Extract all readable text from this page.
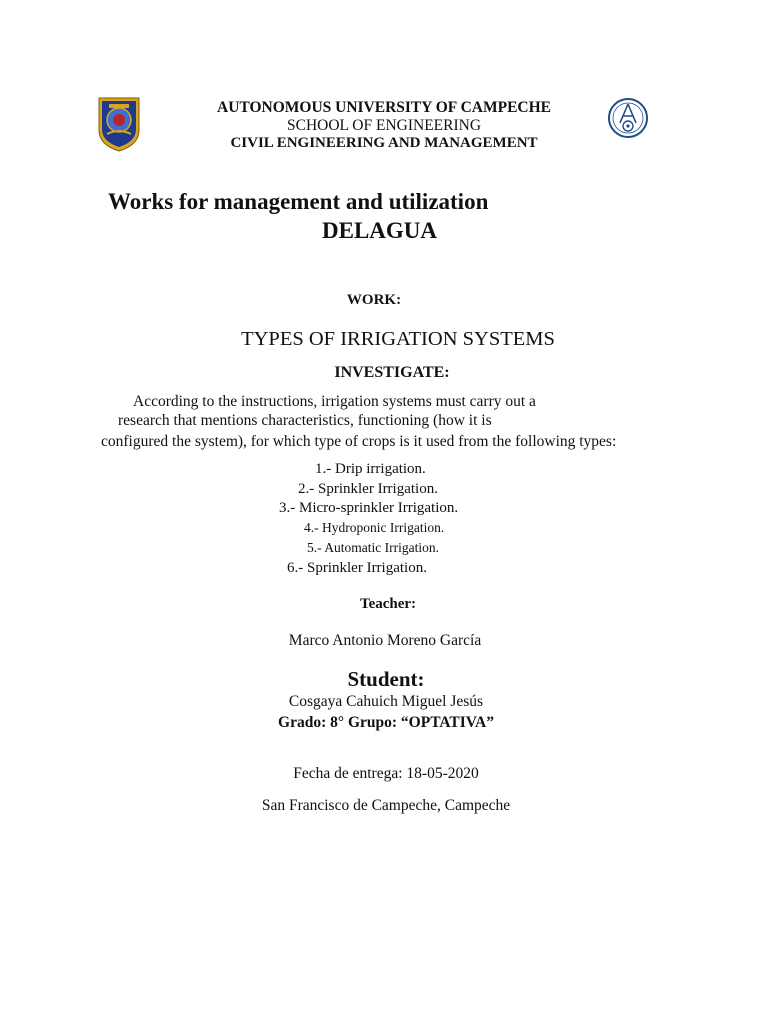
AUTONOMOUS UNIVERSITY OF CAMPECHE
SCHOOL OF ENGINEERING
CIVIL ENGINEERING AND MANAGEMENT
Works for management and utilization
DELAGUA
WORK:
TYPES OF IRRIGATION SYSTEMS
INVESTIGATE:
According to the instructions, irrigation systems must carry out a
research that mentions characteristics, functioning (how it is
configured the system), for which type of crops is it used from the following types:
1.- Drip irrigation.
2.- Sprinkler Irrigation.
3.- Micro-sprinkler Irrigation.
4.- Hydroponic Irrigation.
5.- Automatic Irrigation.
6.- Sprinkler Irrigation.
Teacher:
Marco Antonio Moreno García
Student:
Cosgaya Cahuich Miguel Jesús
Grado: 8° Grupo: “OPTATIVA”
Fecha de entrega: 18-05-2020
San Francisco de Campeche, Campeche
